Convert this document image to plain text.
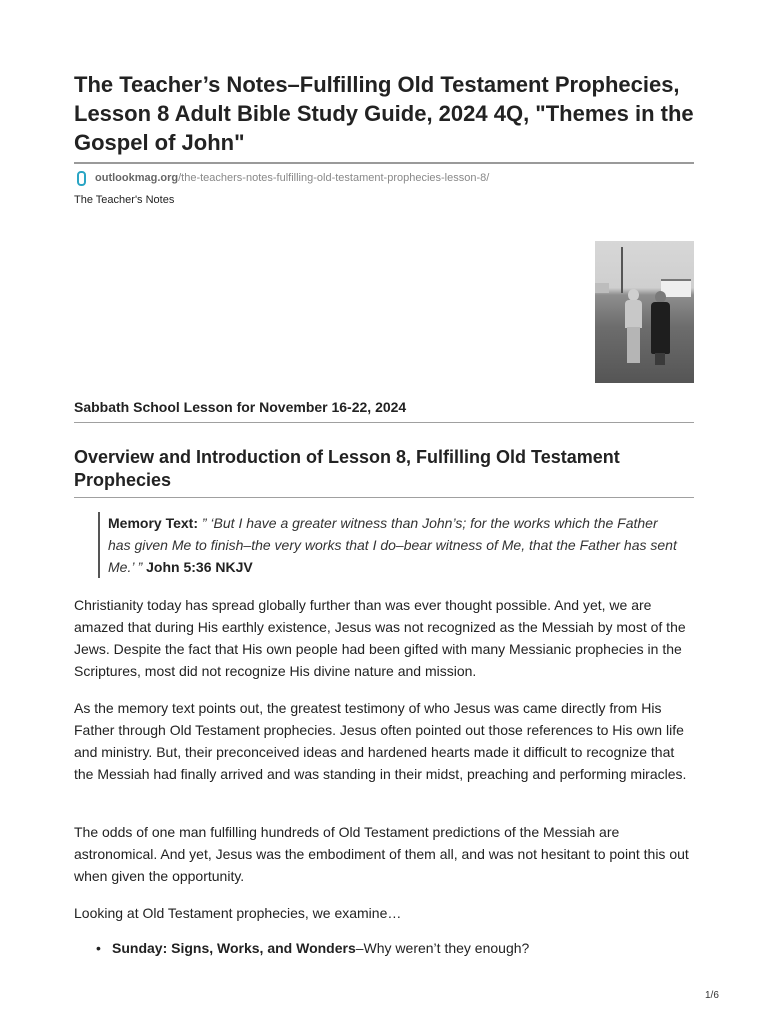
The Teacher’s Notes–Fulfilling Old Testament Prophecies, Lesson 8 Adult Bible Study Guide, 2024 4Q, "Themes in the Gospel of John"
outlookmag.org /the-teachers-notes-fulfilling-old-testament-prophecies-lesson-8/
The Teacher's Notes
Sabbath School Lesson for November 16-22, 2024
Overview and Introduction of Lesson 8, Fulfilling Old Testament Prophecies
Memory Text: ” ‘But I have a greater witness than John’s; for the works which the Father has given Me to finish–the very works that I do–bear witness of Me, that the Father has sent Me.’ ” John 5:36 NKJV

Christianity today has spread globally further than was ever thought possible. And yet, we are amazed that during His earthly existence, Jesus was not recognized as the Messiah by most of the Jews. Despite the fact that His own people had been gifted with many Messianic prophecies in the Scriptures, most did not recognize His divine nature and mission.

As the memory text points out, the greatest testimony of who Jesus was came directly from His Father through Old Testament prophecies. Jesus often pointed out those references to His own life and ministry. But, their preconceived ideas and hardened hearts made it difficult to recognize that the Messiah had finally arrived and was standing in their midst, preaching and performing miracles.

The odds of one man fulfilling hundreds of Old Testament predictions of the Messiah are astronomical. And yet, Jesus was the embodiment of them all, and was not hesitant to point this out when given the opportunity.

Looking at Old Testament prophecies, we examine…

• Sunday: Signs, Works, and Wonders–Why weren’t they enough?
1/6
